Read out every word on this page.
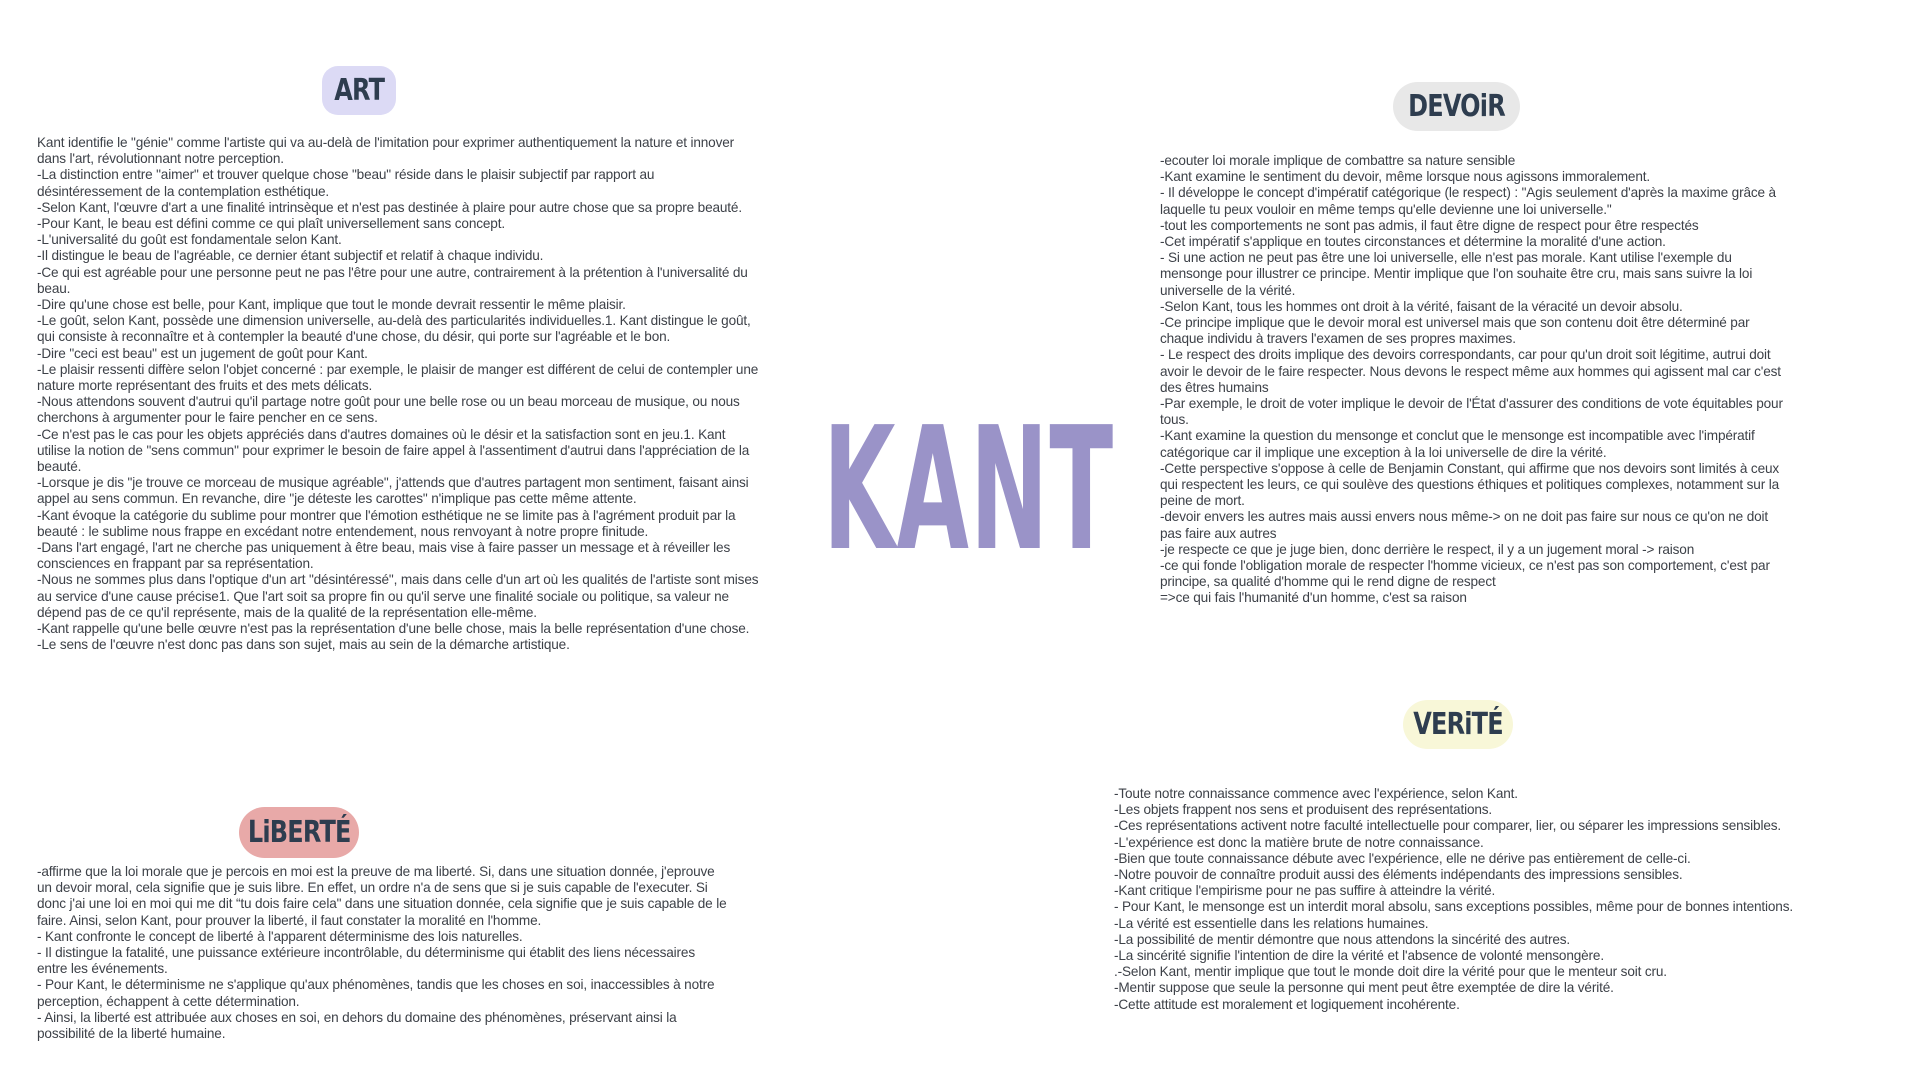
ART

Kant identifie le "génie" comme l'artiste qui va au-delà de l'imitation pour exprimer authentiquement la nature et innover dans l'art, révolutionnant notre perception.

-La distinction entre "aimer" et trouver quelque chose "beau" réside dans le plaisir subjectif par rapport au désintéressement de la contemplation esthétique.

-Selon Kant, l'œuvre d'art a une finalité intrinsèque et n'est pas destinée à plaire pour autre chose que sa propre beauté.

-Pour Kant, le beau est défini comme ce qui plaît universellement sans concept.

-L'universalité du goût est fondamentale selon Kant.

-Il distingue le beau de l'agréable, ce dernier étant subjectif et relatif à chaque individu.

-Ce qui est agréable pour une personne peut ne pas l'être pour une autre, contrairement à la prétention à l'universalité du beau.

-Dire qu'une chose est belle, pour Kant, implique que tout le monde devrait ressentir le même plaisir.

-Le goût, selon Kant, possède une dimension universelle, au-delà des particularités individuelles.1. Kant distingue le goût, qui consiste à reconnaître et à contempler la beauté d'une chose, du désir, qui porte sur l'agréable et le bon.

-Dire "ceci est beau" est un jugement de goût pour Kant.

-Le plaisir ressenti diffère selon l'objet concerné : par exemple, le plaisir de manger est différent de celui de contempler une nature morte représentant des fruits et des mets délicats.

-Nous attendons souvent d'autrui qu'il partage notre goût pour une belle rose ou un beau morceau de musique, ou nous cherchons à argumenter pour le faire pencher en ce sens.

-Ce n'est pas le cas pour les objets appréciés dans d'autres domaines où le désir et la satisfaction sont en jeu.1. Kant utilise la notion de "sens commun" pour exprimer le besoin de faire appel à l'assentiment d'autrui dans l'appréciation de la beauté.

-Lorsque je dis "je trouve ce morceau de musique agréable", j'attends que d'autres partagent mon sentiment, faisant ainsi appel au sens commun. En revanche, dire "je déteste les carottes" n'implique pas cette même attente.

-Kant évoque la catégorie du sublime pour montrer que l'émotion esthétique ne se limite pas à l'agrément produit par la beauté : le sublime nous frappe en excédant notre entendement, nous renvoyant à notre propre finitude.

-Dans l'art engagé, l'art ne cherche pas uniquement à être beau, mais vise à faire passer un message et à réveiller les consciences en frappant par sa représentation.

-Nous ne sommes plus dans l'optique d'un art "désintéressé", mais dans celle d'un art où les qualités de l'artiste sont mises au service d'une cause précise1. Que l'art soit sa propre fin ou qu'il serve une finalité sociale ou politique, sa valeur ne dépend pas de ce qu'il représente, mais de la qualité de la représentation elle-même.

-Kant rappelle qu'une belle œuvre n'est pas la représentation d'une belle chose, mais la belle représentation d'une chose.

-Le sens de l'œuvre n'est donc pas dans son sujet, mais au sein de la démarche artistique.

LiBERTÉ

-affirme que la loi morale que je percois en moi est la preuve de ma liberté. Si, dans une situation donnée, j'eprouve un devoir moral, cela signifie que je suis libre. En effet, un ordre n'a de sens que si je suis capable de l'executer. Si donc j'ai une loi en moi qui me dit “tu dois faire cela" dans une situation donnée, cela signifie que je suis capable de le faire. Ainsi, selon Kant, pour prouver la liberté, il faut constater la moralité en l'homme.

- Kant confronte le concept de liberté à l'apparent déterminisme des lois naturelles.

- Il distingue la fatalité, une puissance extérieure incontrôlable, du déterminisme qui établit des liens nécessaires entre les événements.

- Pour Kant, le déterminisme ne s'applique qu'aux phénomènes, tandis que les choses en soi, inaccessibles à notre perception, échappent à cette détermination.

- Ainsi, la liberté est attribuée aux choses en soi, en dehors du domaine des phénomènes, préservant ainsi la possibilité de la liberté humaine.

KANT
DEVOiR

-ecouter loi morale implique de combattre sa nature sensible

-Kant examine le sentiment du devoir, même lorsque nous agissons immoralement.

- Il développe le concept d'impératif catégorique (le respect) : "Agis seulement d'après la maxime grâce à laquelle tu peux vouloir en même temps qu'elle devienne une loi universelle."

-tout les comportements ne sont pas admis, il faut être digne de respect pour être respectés

-Cet impératif s'applique en toutes circonstances et détermine la moralité d'une action.

- Si une action ne peut pas être une loi universelle, elle n'est pas morale. Kant utilise l'exemple du mensonge pour illustrer ce principe. Mentir implique que l'on souhaite être cru, mais sans suivre la loi universelle de la vérité.

-Selon Kant, tous les hommes ont droit à la vérité, faisant de la véracité un devoir absolu.

-Ce principe implique que le devoir moral est universel mais que son contenu doit être déterminé par chaque individu à travers l'examen de ses propres maximes.

- Le respect des droits implique des devoirs correspondants, car pour qu'un droit soit légitime, autrui doit avoir le devoir de le faire respecter. Nous devons le respect même aux hommes qui agissent mal car c'est des êtres humains

-Par exemple, le droit de voter implique le devoir de l'État d'assurer des conditions de vote équitables pour tous.

-Kant examine la question du mensonge et conclut que le mensonge est incompatible avec l'impératif catégorique car il implique une exception à la loi universelle de dire la vérité.

-Cette perspective s'oppose à celle de Benjamin Constant, qui affirme que nos devoirs sont limités à ceux qui respectent les leurs, ce qui soulève des questions éthiques et politiques complexes, notamment sur la peine de mort.

-devoir envers les autres mais aussi envers nous même-> on ne doit pas faire sur nous ce qu'on ne doit pas faire aux autres

-je respecte ce que je juge bien, donc derrière le respect, il y a un jugement moral -> raison

-ce qui fonde l'obligation morale de respecter l'homme vicieux, ce n'est pas son comportement, c'est par principe, sa qualité d'homme qui le rend digne de respect

=>ce qui fais l'humanité d'un homme, c'est sa raison

VERiTÉ

-Toute notre connaissance commence avec l'expérience, selon Kant.

-Les objets frappent nos sens et produisent des représentations.

-Ces représentations activent notre faculté intellectuelle pour comparer, lier, ou séparer les impressions sensibles.

-L'expérience est donc la matière brute de notre connaissance.

-Bien que toute connaissance débute avec l'expérience, elle ne dérive pas entièrement de celle-ci.

-Notre pouvoir de connaître produit aussi des éléments indépendants des impressions sensibles.

-Kant critique l'empirisme pour ne pas suffire à atteindre la vérité.

- Pour Kant, le mensonge est un interdit moral absolu, sans exceptions possibles, même pour de bonnes intentions.

-La vérité est essentielle dans les relations humaines.

-La possibilité de mentir démontre que nous attendons la sincérité des autres.

-La sincérité signifie l'intention de dire la vérité et l'absence de volonté mensongère.

.-Selon Kant, mentir implique que tout le monde doit dire la vérité pour que le menteur soit cru.

-Mentir suppose que seule la personne qui ment peut être exemptée de dire la vérité.

-Cette attitude est moralement et logiquement incohérente.
